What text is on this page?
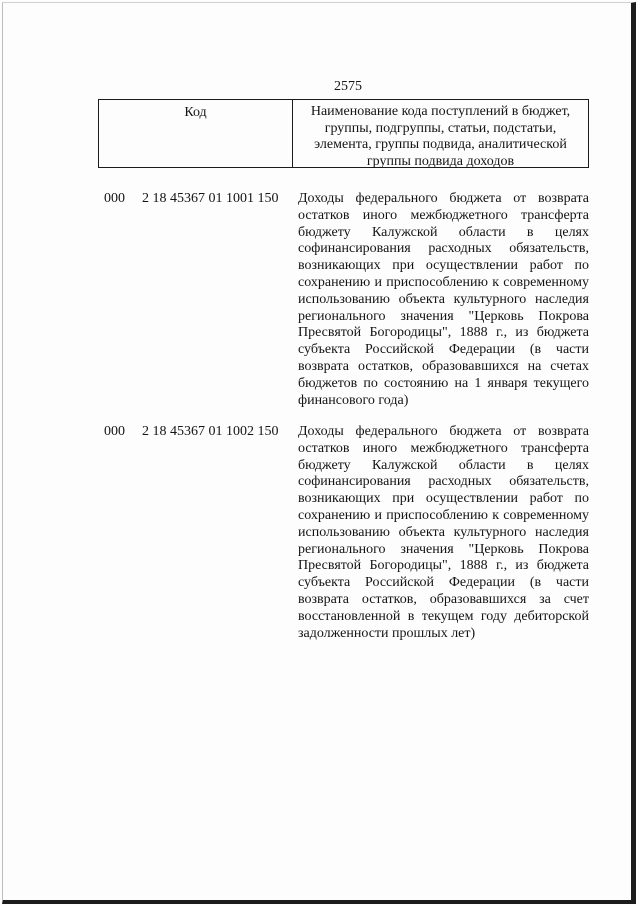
2575
Код	Наименование кода поступлений в бюджет, группы, подгруппы, статьи, подстатьи, элемента, группы подвида, аналитической группы подвида доходов
000	2 18 45367 01 1001 150	Доходы федерального бюджета от возврата остатков иного межбюджетного трансферта бюджету Калужской области в целях софинансирования расходных обязательств, возникающих при осуществлении работ по сохранению и приспособлению к современному использованию объекта культурного наследия регионального значения "Церковь Покрова Пресвятой Богородицы", 1888 г., из бюджета субъекта Российской Федерации (в части возврата остатков, образовавшихся на счетах бюджетов по состоянию на 1 января текущего финансового года)
000	2 18 45367 01 1002 150	Доходы федерального бюджета от возврата остатков иного межбюджетного трансферта бюджету Калужской области в целях софинансирования расходных обязательств, возникающих при осуществлении работ по сохранению и приспособлению к современному использованию объекта культурного наследия регионального значения "Церковь Покрова Пресвятой Богородицы", 1888 г., из бюджета субъекта Российской Федерации (в части возврата остатков, образовавшихся за счет восстановленной в текущем году дебиторской задолженности прошлых лет)
